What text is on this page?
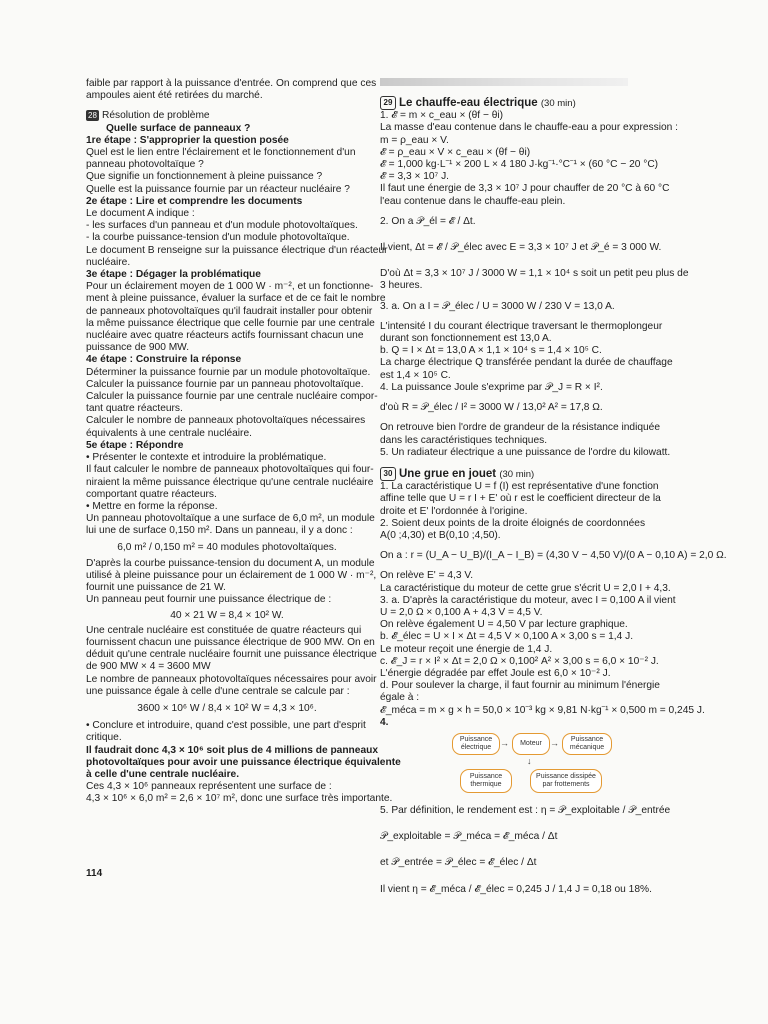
faible par rapport à la puissance d'entrée. On comprend que ces

ampoules aient été retirées du marché.

28 Résolution de problème

Quelle surface de panneaux ?

1re étape : S'approprier la question posée

Quel est le lien entre l'éclairement et le fonctionnement d'un

panneau photovoltaïque ?

Que signifie un fonctionnement à pleine puissance ?

Quelle est la puissance fournie par un réacteur nucléaire ?

2e étape : Lire et comprendre les documents

Le document A indique :

- les surfaces d'un panneau et d'un module photovoltaïques.

- la courbe puissance-tension d'un module photovoltaïque.

Le document B renseigne sur la puissance électrique d'un réacteur

nucléaire.

3e étape : Dégager la problématique

Pour un éclairement moyen de 1 000 W · m⁻², et un fonctionne-

ment à pleine puissance, évaluer la surface et de ce fait le nombre

de panneaux photovoltaïques qu'il faudrait installer pour obtenir

la même puissance électrique que celle fournie par une centrale

nucléaire avec quatre réacteurs actifs fournissant chacun une

puissance de 900 MW.

4e étape : Construire la réponse

Déterminer la puissance fournie par un module photovoltaïque.

Calculer la puissance fournie par un panneau photovoltaïque.

Calculer la puissance fournie par une centrale nucléaire compor-

tant quatre réacteurs.

Calculer le nombre de panneaux photovoltaïques nécessaires

équivalents à une centrale nucléaire.

5e étape : Répondre

• Présenter le contexte et introduire la problématique.

Il faut calculer le nombre de panneaux photovoltaïques qui four-

niraient la même puissance électrique qu'une centrale nucléaire

comportant quatre réacteurs.

• Mettre en forme la réponse.

Un panneau photovoltaïque a une surface de 6,0 m², un module

lui une de surface 0,150 m². Dans un panneau, il y a donc :

6,0 m² / 0,150 m² = 40 modules photovoltaïques.

D'après la courbe puissance-tension du document A, un module

utilisé à pleine puissance pour un éclairement de 1 000 W · m⁻²,

fournit une puissance de 21 W.

Un panneau peut fournir une puissance électrique de :

40 × 21 W = 8,4 × 10² W.

Une centrale nucléaire est constituée de quatre réacteurs qui

fournissent chacun une puissance électrique de 900 MW. On en

déduit qu'une centrale nucléaire fournit une puissance électrique

de 900 MW × 4 = 3600 MW

Le nombre de panneaux photovoltaïques nécessaires pour avoir

une puissance égale à celle d'une centrale se calcule par :

3600 × 10⁶ W / 8,4 × 10² W = 4,3 × 10⁶.

• Conclure et introduire, quand c'est possible, une part d'esprit

critique.

Il faudrait donc 4,3 × 10⁶ soit plus de 4 millions de panneaux

photovoltaïques pour avoir une puissance électrique équivalente

à celle d'une centrale nucléaire.

Ces 4,3 × 10⁶ panneaux représentent une surface de :

4,3 × 10⁶ × 6,0 m² = 2,6 × 10⁷ m², donc une surface très importante.

114

29 Le chauffe-eau électrique (30 min)

1. 𝓔 = m × c_eau × (θf − θi)

La masse d'eau contenue dans le chauffe-eau a pour expression :

m = ρ_eau × V.

𝓔 = ρ_eau × V × c_eau × (θf − θi)

𝓔 = 1,000 kg·L⁻¹ × 200 L × 4 180 J·kg⁻¹·°C⁻¹ × (60 °C − 20 °C)

𝓔 = 3,3 × 10⁷ J.

Il faut une énergie de 3,3 × 10⁷ J pour chauffer de 20 °C à 60 °C

l'eau contenue dans le chauffe-eau plein.

2. On a 𝒫_él = 𝓔 / Δt.

Il vient, Δt = 𝓔 / 𝒫_élec avec E = 3,3 × 10⁷ J et 𝒫_é = 3 000 W.

D'où Δt = 3,3 × 10⁷ J / 3000 W = 1,1 × 10⁴ s soit un petit peu plus de

3 heures.

3. a. On a I = 𝒫_élec / U = 3000 W / 230 V = 13,0 A.

L'intensité I du courant électrique traversant le thermoplongeur

durant son fonctionnement est 13,0 A.

b. Q = I × Δt = 13,0 A × 1,1 × 10⁴ s = 1,4 × 10⁵ C.

La charge électrique Q transférée pendant la durée de chauffage

est 1,4 × 10⁵ C.

4. La puissance Joule s'exprime par 𝒫_J = R × I².

d'où R = 𝒫_élec / I² = 3000 W / 13,0² A² = 17,8 Ω.

On retrouve bien l'ordre de grandeur de la résistance indiquée

dans les caractéristiques techniques.

5. Un radiateur électrique a une puissance de l'ordre du kilowatt.

30 Une grue en jouet (30 min)

1. La caractéristique U = f (I) est représentative d'une fonction

affine telle que U = r I + E' où r est le coefficient directeur de la

droite et E' l'ordonnée à l'origine.

2. Soient deux points de la droite éloignés de coordonnées

A(0 ;4,30) et B(0,10 ;4,50).

On a : r = (U_A − U_B)/(I_A − I_B) = (4,30 V − 4,50 V)/(0 A − 0,10 A) = 2,0 Ω.

On relève E' = 4,3 V.

La caractéristique du moteur de cette grue s'écrit U = 2,0 I + 4,3.

3. a. D'après la caractéristique du moteur, avec I = 0,100 A il vient

U = 2,0 Ω × 0,100 A + 4,3 V = 4,5 V.

On relève également U = 4,50 V par lecture graphique.

b. 𝓔_élec = U × I × Δt = 4,5 V × 0,100 A × 3,00 s = 1,4 J.

Le moteur reçoit une énergie de 1,4 J.

c. 𝓔_J = r × I² × Δt = 2,0 Ω × 0,100² A² × 3,00 s = 6,0 × 10⁻² J.

L'énergie dégradée par effet Joule est 6,0 × 10⁻² J.

d. Pour soulever la charge, il faut fournir au minimum l'énergie

égale à :

𝓔_méca = m × g × h = 50,0 × 10⁻³ kg × 9,81 N·kg⁻¹ × 0,500 m = 0,245 J.

4.

Puissance électrique →	Moteur →	Puissance mécanique
↓
Puissance thermique
Puissance dissipée par frottements

5. Par définition, le rendement est : η = 𝒫_exploitable / 𝒫_entrée

𝒫_exploitable = 𝒫_méca = 𝓔_méca / Δt

et 𝒫_entrée = 𝒫_élec = 𝓔_élec / Δt

Il vient η = 𝓔_méca / 𝓔_élec = 0,245 J / 1,4 J = 0,18 ou 18%.
